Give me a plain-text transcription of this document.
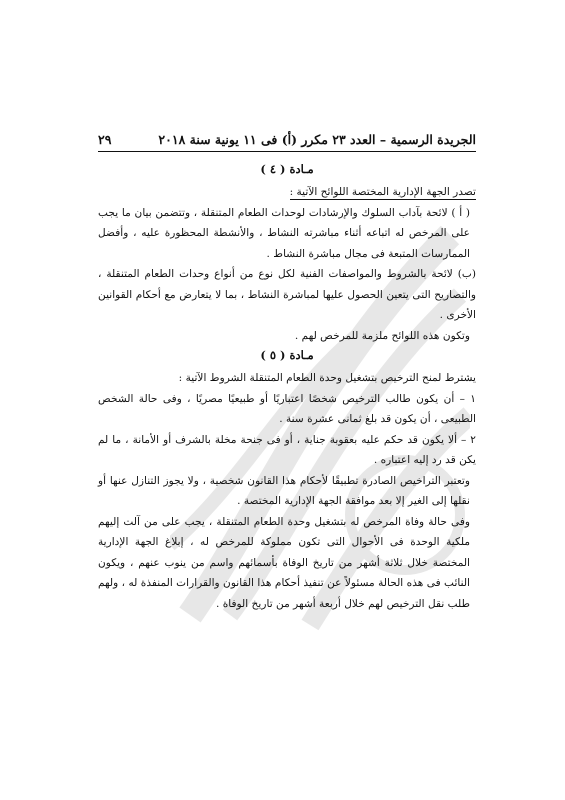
الجريدة الرسمية – العدد ٢٣ مكرر (أ) فى ١١ يونية سنة ٢٠١٨
٢٩
مـادة ( ٤ )

تصدر الجهة الإدارية المختصة اللوائح الآتية :

( أ ) لائحة بآداب السلوك والإرشادات لوحدات الطعام المتنقلة ، وتتضمن بيان ما يجب على المرخص له اتباعه أثناء مباشرته النشاط ، والأنشطة المحظورة عليه ، وأفضل الممارسات المتبعة فى مجال مباشرة النشاط .

(ب) لائحة بالشروط والمواصفات الفنية لكل نوع من أنواع وحدات الطعام المتنقلة ، والتصاريح التى يتعين الحصول عليها لمباشرة النشاط ، بما لا يتعارض مع أحكام القوانين الأخرى .

وتكون هذه اللوائح ملزمة للمرخص لهم .

مـادة ( ٥ )

يشترط لمنح الترخيص بتشغيل وحدة الطعام المتنقلة الشروط الآتية :

١ – أن يكون طالب الترخيص شخصًا اعتباريًا أو طبيعيًا مصريًا ، وفى حالة الشخص الطبيعى ، أن يكون قد بلغ ثمانى عشرة سنة .

٢ – ألا يكون قد حكم عليه بعقوبة جناية ، أو فى جنحة مخلة بالشرف أو الأمانة ، ما لم يكن قد رد إليه اعتباره .

وتعتبر التراخيص الصادرة تطبيقًا لأحكام هذا القانون شخصية ، ولا يجوز التنازل عنها أو نقلها إلى الغير إلا بعد موافقة الجهة الإدارية المختصة .

وفى حالة وفاة المرخص له بتشغيل وحدة الطعام المتنقلة ، يجب على من آلت إليهم ملكية الوحدة فى الأحوال التى تكون مملوكة للمرخص له ، إبلاغ الجهة الإدارية المختصة خلال ثلاثة أشهر من تاريخ الوفاة بأسمائهم واسم من ينوب عنهم ، ويكون النائب فى هذه الحالة مسئولاً عن تنفيذ أحكام هذا القانون والقرارات المنفذة له ، ولهم طلب نقل الترخيص لهم خلال أربعة أشهر من تاريخ الوفاة .
